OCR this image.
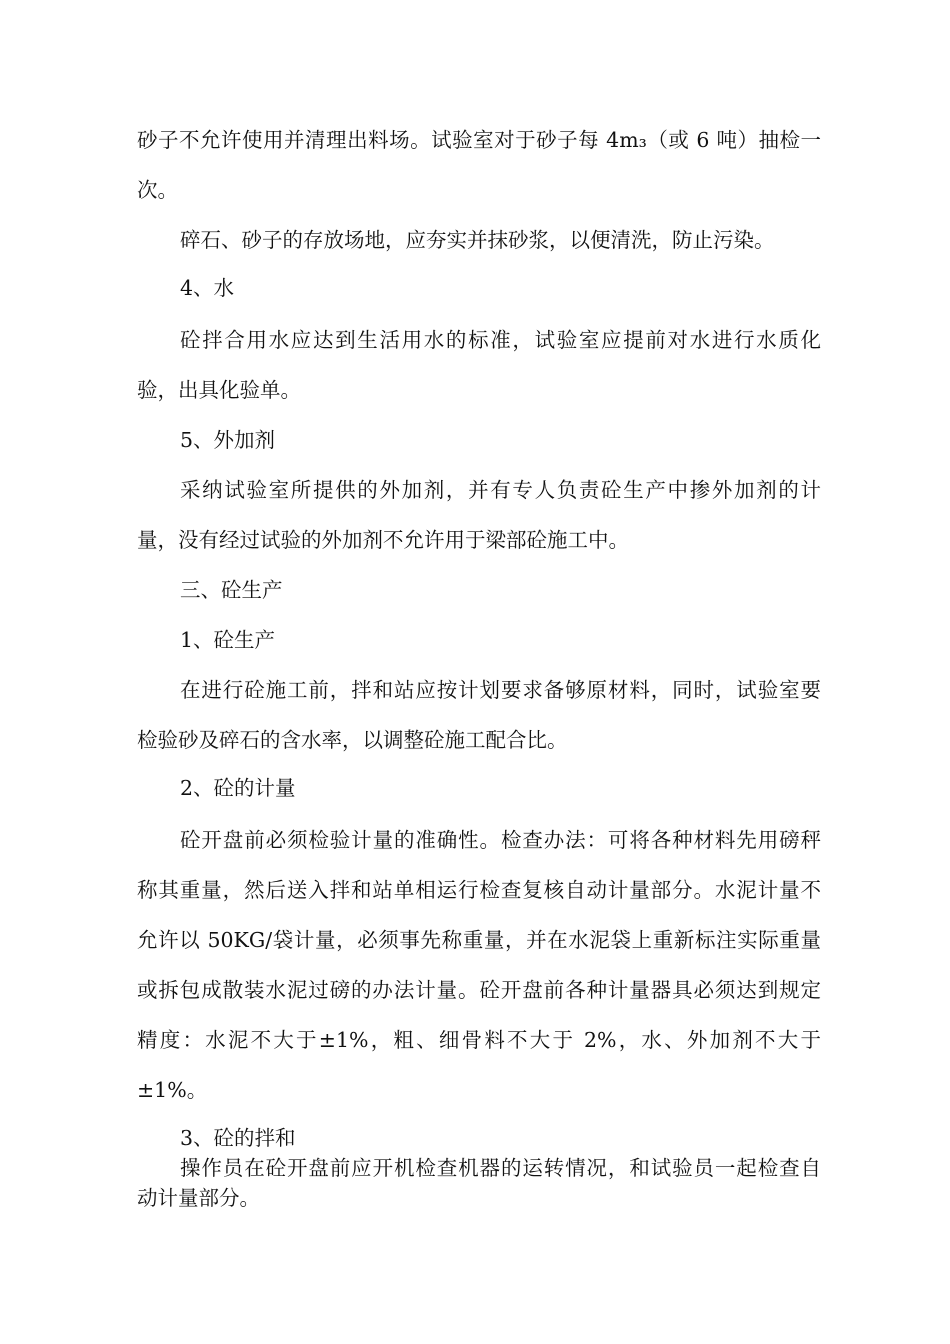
砂子不允许使用并清理出料场。试验室对于砂子每 4m₃（或 6 吨）抽检一
次。
碎石、砂子的存放场地，应夯实并抹砂浆，以便清洗，防止污染。
4、水
砼拌合用水应达到生活用水的标准，试验室应提前对水进行水质化
验，出具化验单。
5、外加剂
采纳试验室所提供的外加剂，并有专人负责砼生产中掺外加剂的计
量，没有经过试验的外加剂不允许用于梁部砼施工中。
三、砼生产
1、砼生产
在进行砼施工前，拌和站应按计划要求备够原材料，同时，试验室要
检验砂及碎石的含水率，以调整砼施工配合比。
2、砼的计量
砼开盘前必须检验计量的准确性。检查办法：可将各种材料先用磅秤
称其重量，然后送入拌和站单相运行检查复核自动计量部分。水泥计量不
允许以 50KG/袋计量，必须事先称重量，并在水泥袋上重新标注实际重量
或拆包成散装水泥过磅的办法计量。砼开盘前各种计量器具必须达到规定
精度：水泥不大于±1%，粗、细骨料不大于 2%，水、外加剂不大于
±1%。
3、砼的拌和
操作员在砼开盘前应开机检查机器的运转情况，和试验员一起检查自
动计量部分。
